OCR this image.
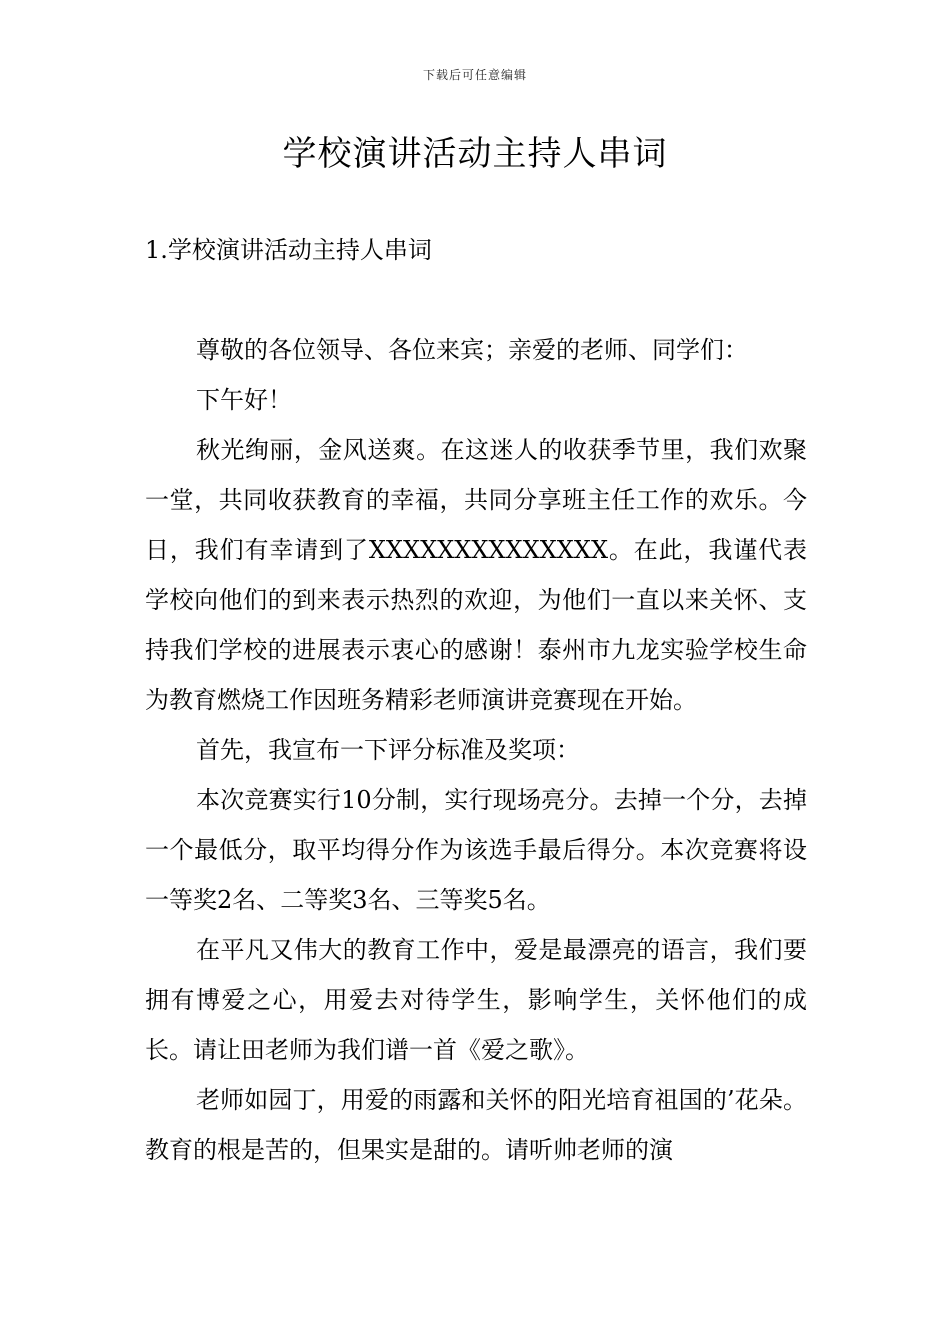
下载后可任意编辑
学校演讲活动主持人串词
1.学校演讲活动主持人串词

尊敬的各位领导、各位来宾；亲爱的老师、同学们：

下午好！

秋光绚丽，金风送爽。在这迷人的收获季节里，我们欢聚一堂，共同收获教育的幸福，共同分享班主任工作的欢乐。今日，我们有幸请到了XXXXXXXXXXXXXX。在此，我谨代表学校向他们的到来表示热烈的欢迎，为他们一直以来关怀、支持我们学校的进展表示衷心的感谢！泰州市九龙实验学校生命为教育燃烧工作因班务精彩老师演讲竞赛现在开始。

首先，我宣布一下评分标准及奖项：

本次竞赛实行10分制，实行现场亮分。去掉一个分，去掉一个最低分，取平均得分作为该选手最后得分。本次竞赛将设一等奖2名、二等奖3名、三等奖5名。

在平凡又伟大的教育工作中，爱是最漂亮的语言，我们要拥有博爱之心，用爱去对待学生，影响学生，关怀他们的成长。请让田老师为我们谱一首《爱之歌》。

老师如园丁，用爱的雨露和关怀的阳光培育祖国的’花朵。教育的根是苦的，但果实是甜的。请听帅老师的演
